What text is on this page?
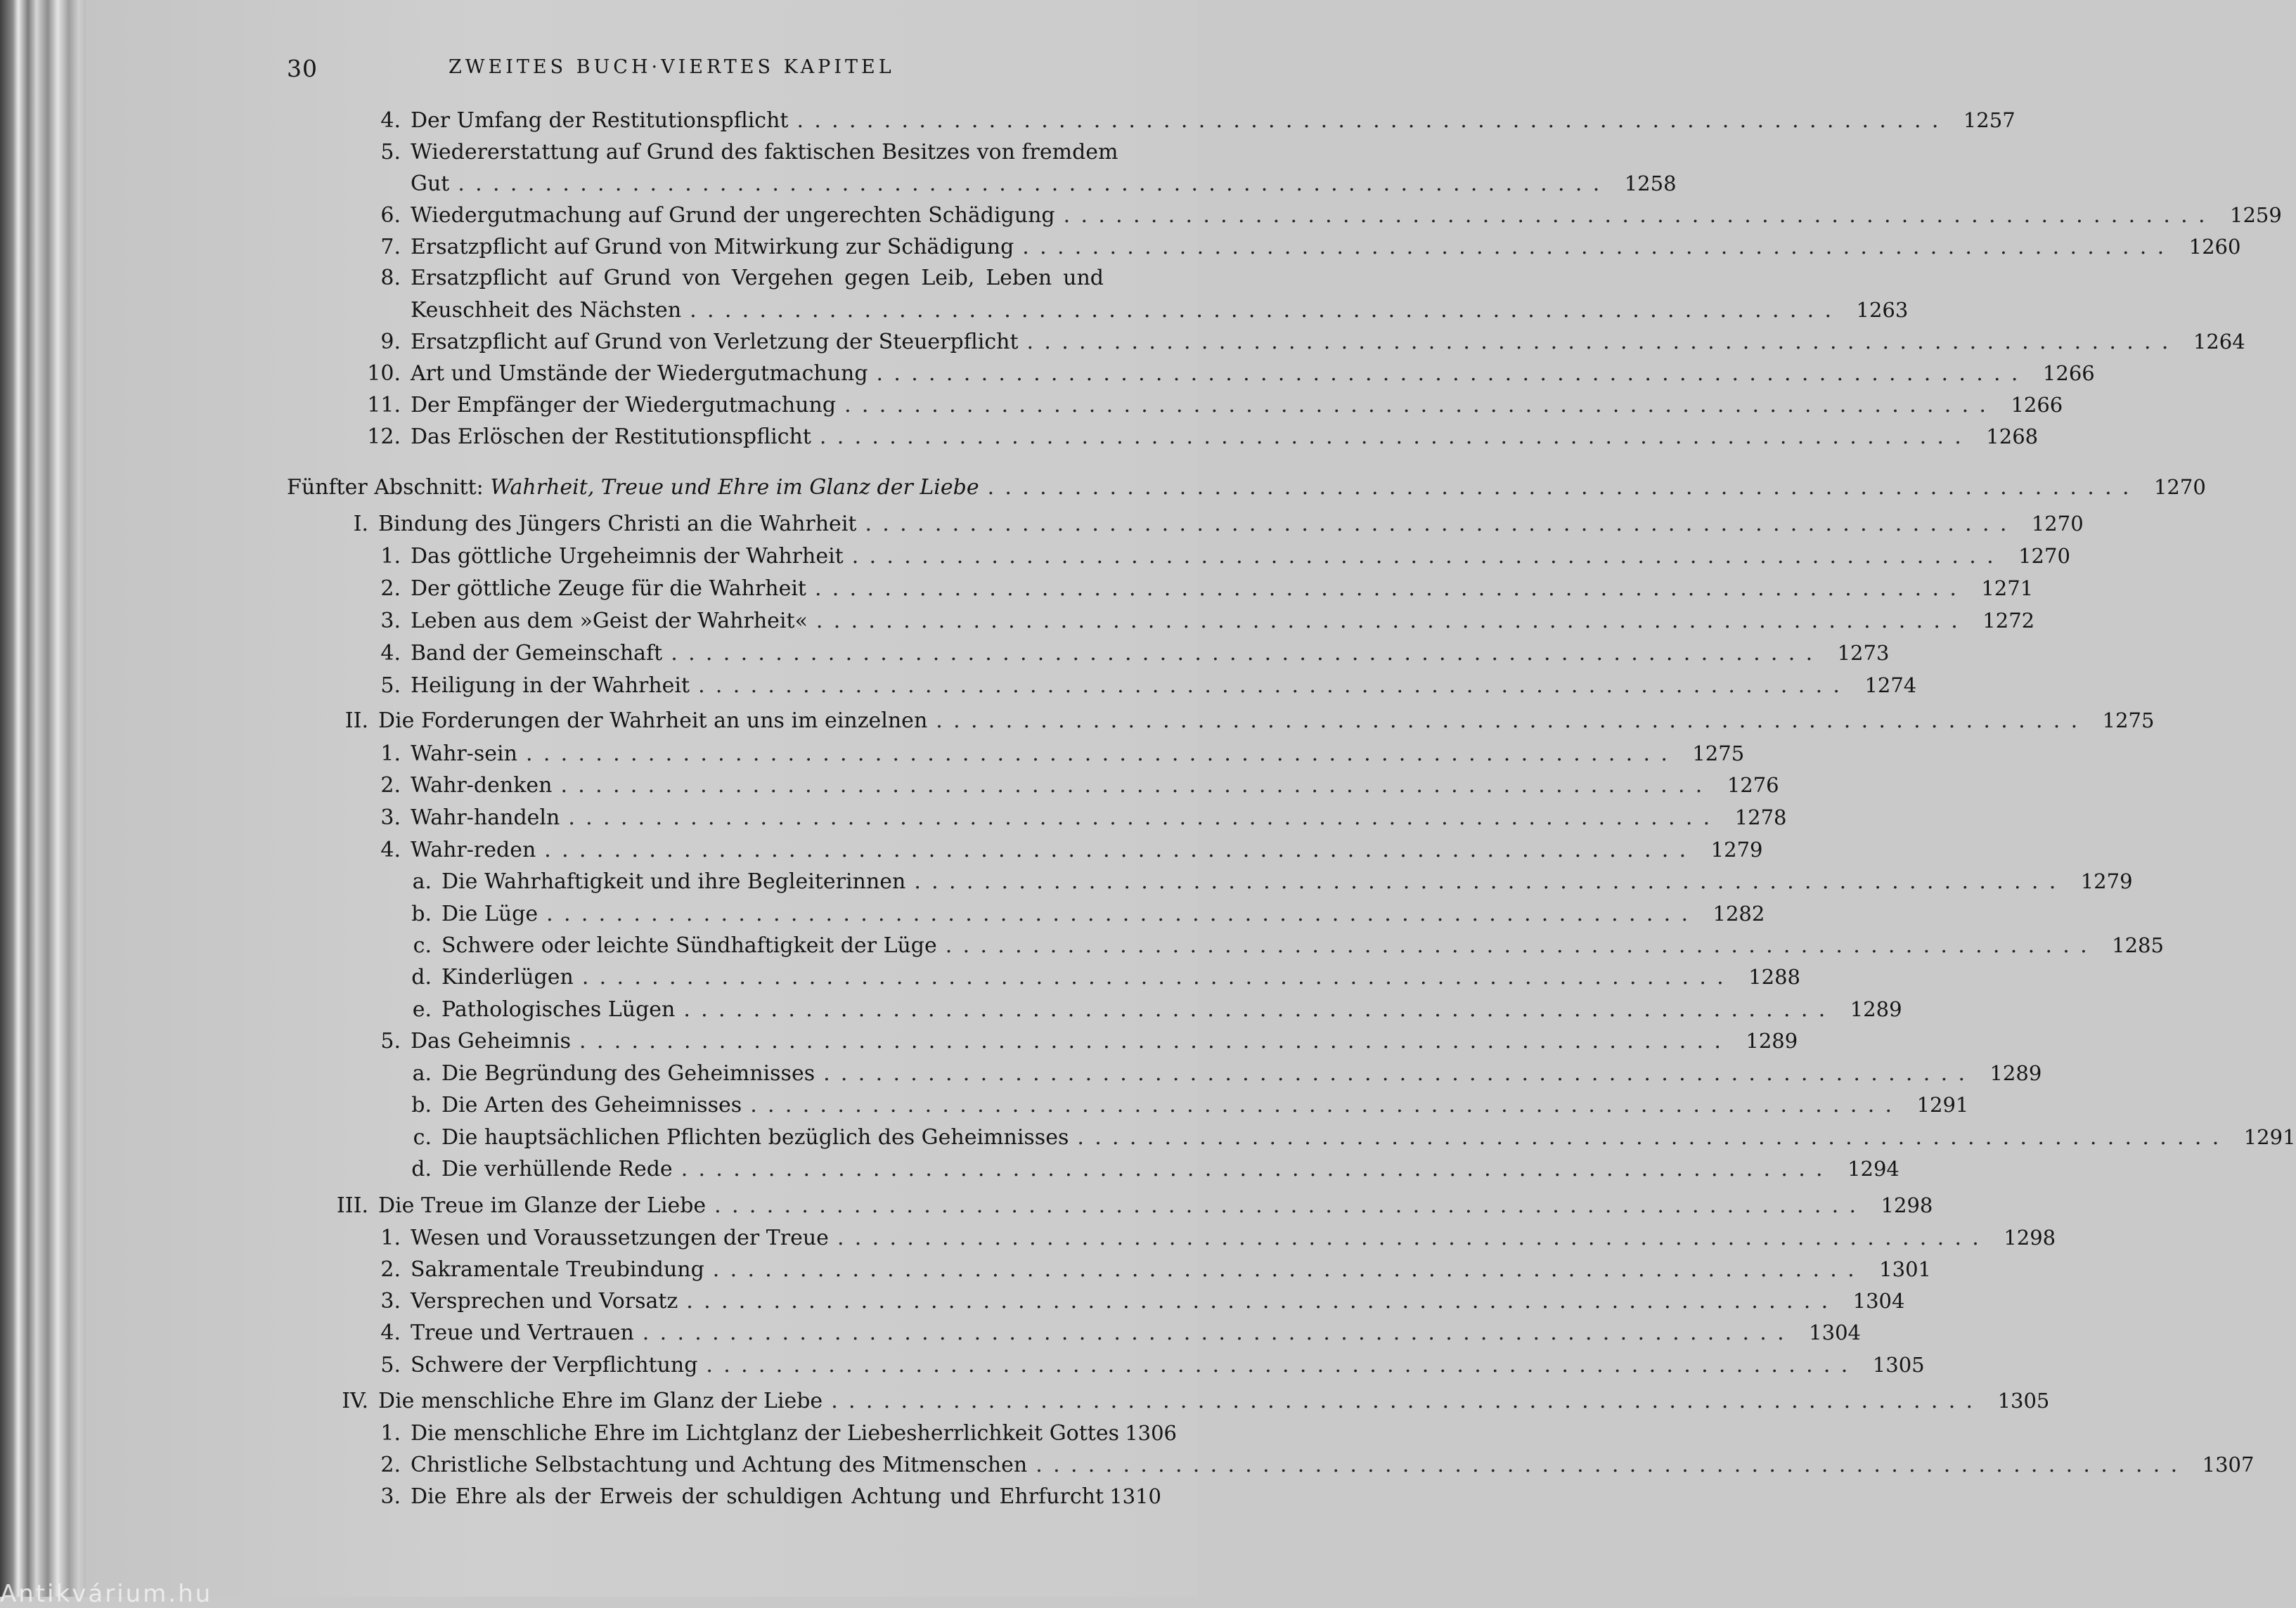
30	ZWEITES BUCH·VIERTES KAPITEL
4. Der Umfang der Restitutionspflicht .................................................................. 1257
5. Wiedererstattung auf Grund des faktischen Besitzes von fremdem
Gut .................................................................. 1258
6. Wiedergutmachung auf Grund der ungerechten Schädigung .................................................................. 1259
7. Ersatzpflicht auf Grund von Mitwirkung zur Schädigung .................................................................. 1260
8. Ersatzpflicht auf Grund von Vergehen gegen Leib, Leben und
Keuschheit des Nächsten .................................................................. 1263
9. Ersatzpflicht auf Grund von Verletzung der Steuerpflicht .................................................................. 1264
10. Art und Umstände der Wiedergutmachung .................................................................. 1266
11. Der Empfänger der Wiedergutmachung .................................................................. 1266
12. Das Erlöschen der Restitutionspflicht .................................................................. 1268
Fünfter Abschnitt: Wahrheit, Treue und Ehre im Glanz der Liebe .................................................................. 1270
I. Bindung des Jüngers Christi an die Wahrheit .................................................................. 1270
1. Das göttliche Urgeheimnis der Wahrheit .................................................................. 1270
2. Der göttliche Zeuge für die Wahrheit .................................................................. 1271
3. Leben aus dem »Geist der Wahrheit« .................................................................. 1272
4. Band der Gemeinschaft .................................................................. 1273
5. Heiligung in der Wahrheit .................................................................. 1274
II. Die Forderungen der Wahrheit an uns im einzelnen .................................................................. 1275
1. Wahr-sein .................................................................. 1275
2. Wahr-denken .................................................................. 1276
3. Wahr-handeln .................................................................. 1278
4. Wahr-reden .................................................................. 1279
a. Die Wahrhaftigkeit und ihre Begleiterinnen .................................................................. 1279
b. Die Lüge .................................................................. 1282
c. Schwere oder leichte Sündhaftigkeit der Lüge .................................................................. 1285
d. Kinderlügen .................................................................. 1288
e. Pathologisches Lügen .................................................................. 1289
5. Das Geheimnis .................................................................. 1289
a. Die Begründung des Geheimnisses .................................................................. 1289
b. Die Arten des Geheimnisses .................................................................. 1291
c. Die hauptsächlichen Pflichten bezüglich des Geheimnisses .................................................................. 1291
d. Die verhüllende Rede .................................................................. 1294
III. Die Treue im Glanze der Liebe .................................................................. 1298
1. Wesen und Voraussetzungen der Treue .................................................................. 1298
2. Sakramentale Treubindung .................................................................. 1301
3. Versprechen und Vorsatz .................................................................. 1304
4. Treue und Vertrauen .................................................................. 1304
5. Schwere der Verpflichtung .................................................................. 1305
IV. Die menschliche Ehre im Glanz der Liebe .................................................................. 1305
1. Die menschliche Ehre im Lichtglanz der Liebesherrlichkeit Gottes 1306
2. Christliche Selbstachtung und Achtung des Mitmenschen .................................................................. 1307
3. Die Ehre als der Erweis der schuldigen Achtung und Ehrfurcht 1310
Antikvárium.hu
